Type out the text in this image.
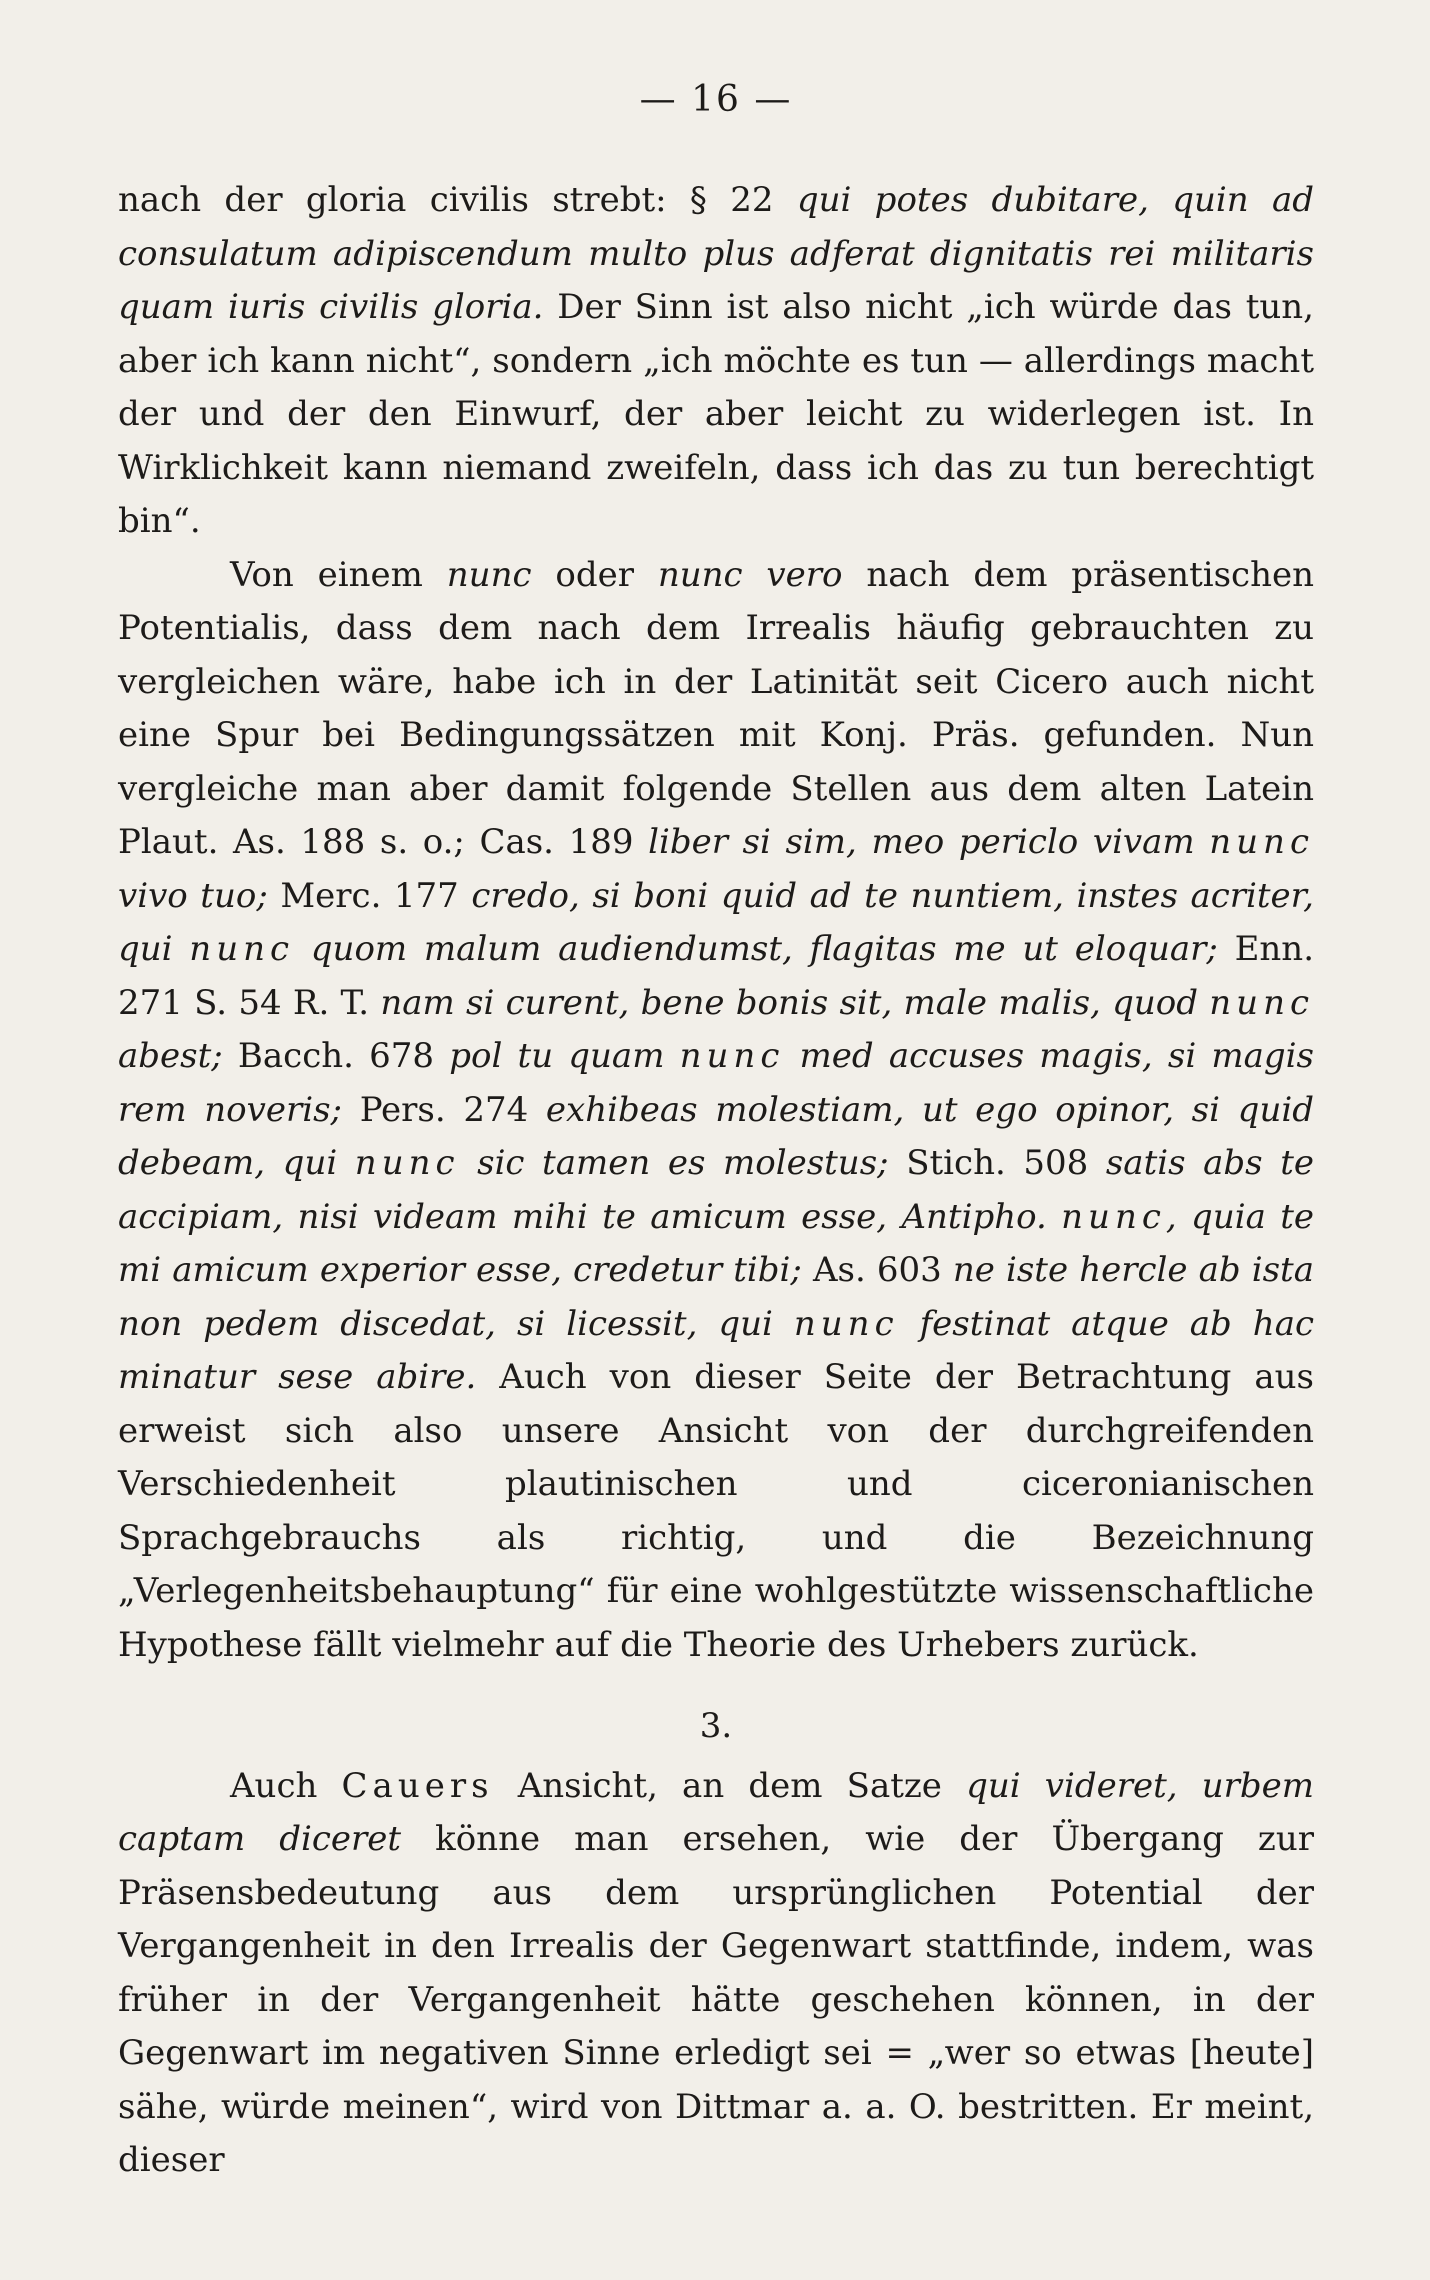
— 16 —

nach der gloria civilis strebt: § 22 qui potes dubitare, quin ad consulatum adipiscendum multo plus adferat dignitatis rei militaris quam iuris civilis gloria. Der Sinn ist also nicht „ich würde das tun, aber ich kann nicht“, sondern „ich möchte es tun — allerdings macht der und der den Einwurf, der aber leicht zu widerlegen ist. In Wirklichkeit kann niemand zweifeln, dass ich das zu tun berechtigt bin“.

Von einem nunc oder nunc vero nach dem präsentischen Potentialis, dass dem nach dem Irrealis häufig gebrauchten zu vergleichen wäre, habe ich in der Latinität seit Cicero auch nicht eine Spur bei Bedingungssätzen mit Konj. Präs. gefunden. Nun vergleiche man aber damit folgende Stellen aus dem alten Latein Plaut. As. 188 s. o.; Cas. 189 liber si sim, meo periclo vivam nunc vivo tuo; Merc. 177 credo, si boni quid ad te nuntiem, instes acriter, qui nunc quom malum audiendumst, flagitas me ut eloquar; Enn. 271 S. 54 R. T. nam si curent, bene bonis sit, male malis, quod nunc abest; Bacch. 678 pol tu quam nunc med accuses magis, si magis rem noveris; Pers. 274 exhibeas molestiam, ut ego opinor, si quid debeam, qui nunc sic tamen es molestus; Stich. 508 satis abs te accipiam, nisi videam mihi te amicum esse, Antipho. nunc, quia te mi amicum experior esse, credetur tibi; As. 603 ne iste hercle ab ista non pedem discedat, si licessit, qui nunc festinat atque ab hac minatur sese abire. Auch von dieser Seite der Betrachtung aus erweist sich also unsere Ansicht von der durchgreifenden Verschiedenheit plautinischen und ciceronianischen Sprachgebrauchs als richtig, und die Bezeichnung „Verlegenheitsbehauptung“ für eine wohlgestützte wissenschaftliche Hypothese fällt vielmehr auf die Theorie des Urhebers zurück.

3.

Auch Cauers Ansicht, an dem Satze qui videret, urbem captam diceret könne man ersehen, wie der Übergang zur Präsensbedeutung aus dem ursprünglichen Potential der Vergangenheit in den Irrealis der Gegenwart stattfinde, indem, was früher in der Vergangenheit hätte geschehen können, in der Gegenwart im negativen Sinne erledigt sei = „wer so etwas [heute] sähe, würde meinen“, wird von Dittmar a. a. O. bestritten. Er meint, dieser
